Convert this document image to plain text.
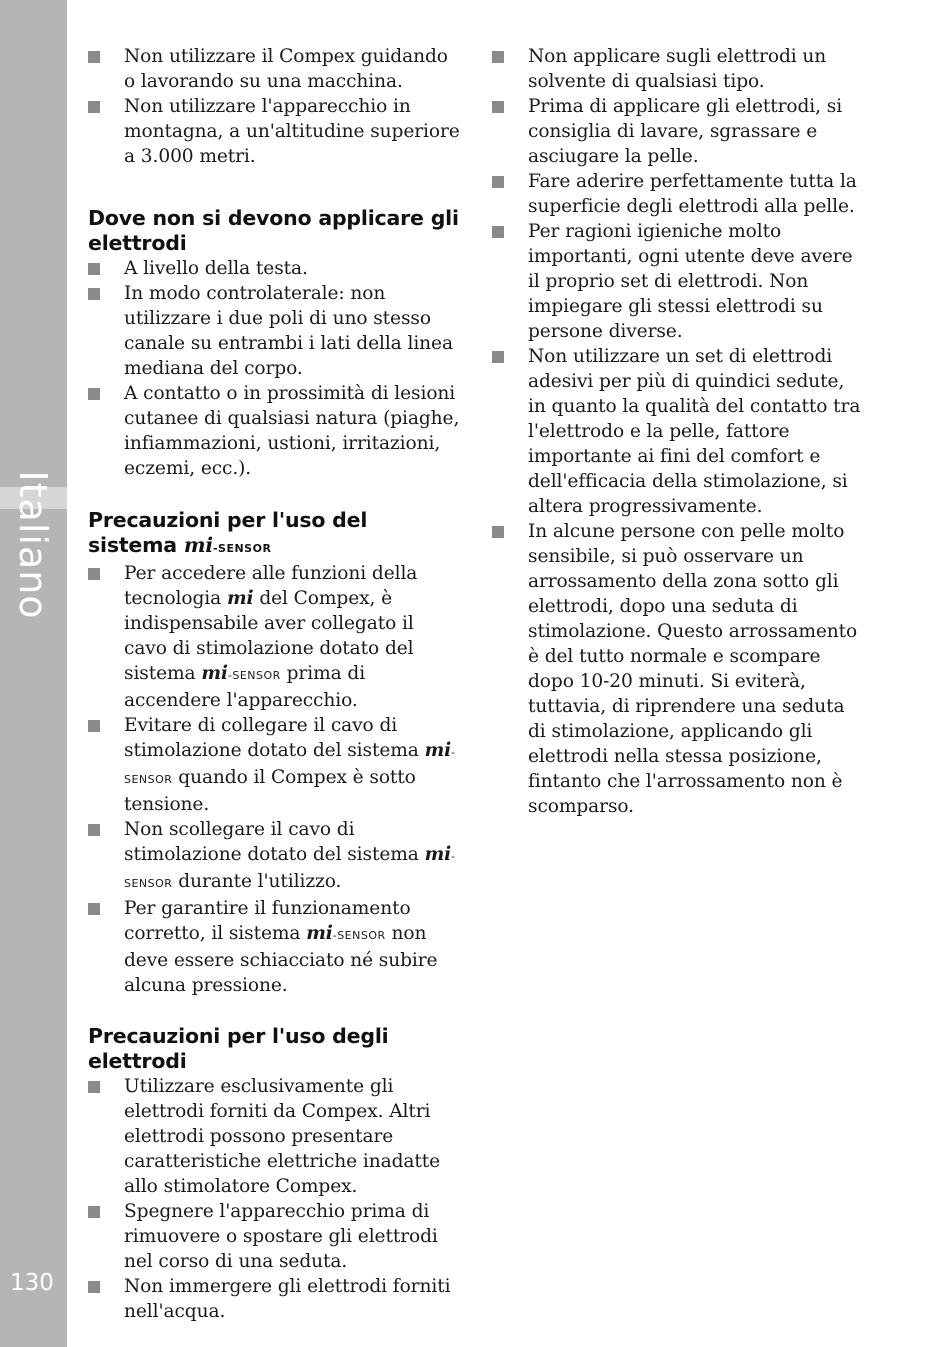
Italiano
130
Non utilizzare il Compex guidando o lavorando su una macchina.
Non utilizzare l'apparecchio in montagna, a un'altitudine superiore a 3.000 metri.
Dove non si devono applicare gli elettrodi
A livello della testa.
In modo controlaterale: non utilizzare i due poli di uno stesso canale su entrambi i lati della linea mediana del corpo.
A contatto o in prossimità di lesioni cutanee di qualsiasi natura (piaghe, infiammazioni, ustioni, irritazioni, eczemi, ecc.).
Precauzioni per l'uso del sistema mi-SENSOR
Per accedere alle funzioni della tecnologia mi del Compex, è indispensabile aver collegato il cavo di stimolazione dotato del sistema mi-SENSOR prima di accendere l'apparecchio.
Evitare di collegare il cavo di stimolazione dotato del sistema mi-SENSOR quando il Compex è sotto tensione.
Non scollegare il cavo di stimolazione dotato del sistema mi-SENSOR durante l'utilizzo.
Per garantire il funzionamento corretto, il sistema mi-SENSOR non deve essere schiacciato né subire alcuna pressione.
Precauzioni per l'uso degli elettrodi
Utilizzare esclusivamente gli elettrodi forniti da Compex. Altri elettrodi possono presentare caratteristiche elettriche inadatte allo stimolatore Compex.
Spegnere l'apparecchio prima di rimuovere o spostare gli elettrodi nel corso di una seduta.
Non immergere gli elettrodi forniti nell'acqua.
Non applicare sugli elettrodi un solvente di qualsiasi tipo.
Prima di applicare gli elettrodi, si consiglia di lavare, sgrassare e asciugare la pelle.
Fare aderire perfettamente tutta la superficie degli elettrodi alla pelle.
Per ragioni igieniche molto importanti, ogni utente deve avere il proprio set di elettrodi. Non impiegare gli stessi elettrodi su persone diverse.
Non utilizzare un set di elettrodi adesivi per più di quindici sedute, in quanto la qualità del contatto tra l'elettrodo e la pelle, fattore importante ai fini del comfort e dell'efficacia della stimolazione, si altera progressivamente.
In alcune persone con pelle molto sensibile, si può osservare un arrossamento della zona sotto gli elettrodi, dopo una seduta di stimolazione. Questo arrossamento è del tutto normale e scompare dopo 10-20 minuti. Si eviterà, tuttavia, di riprendere una seduta di stimolazione, applicando gli elettrodi nella stessa posizione, fintanto che l'arrossamento non è scomparso.
